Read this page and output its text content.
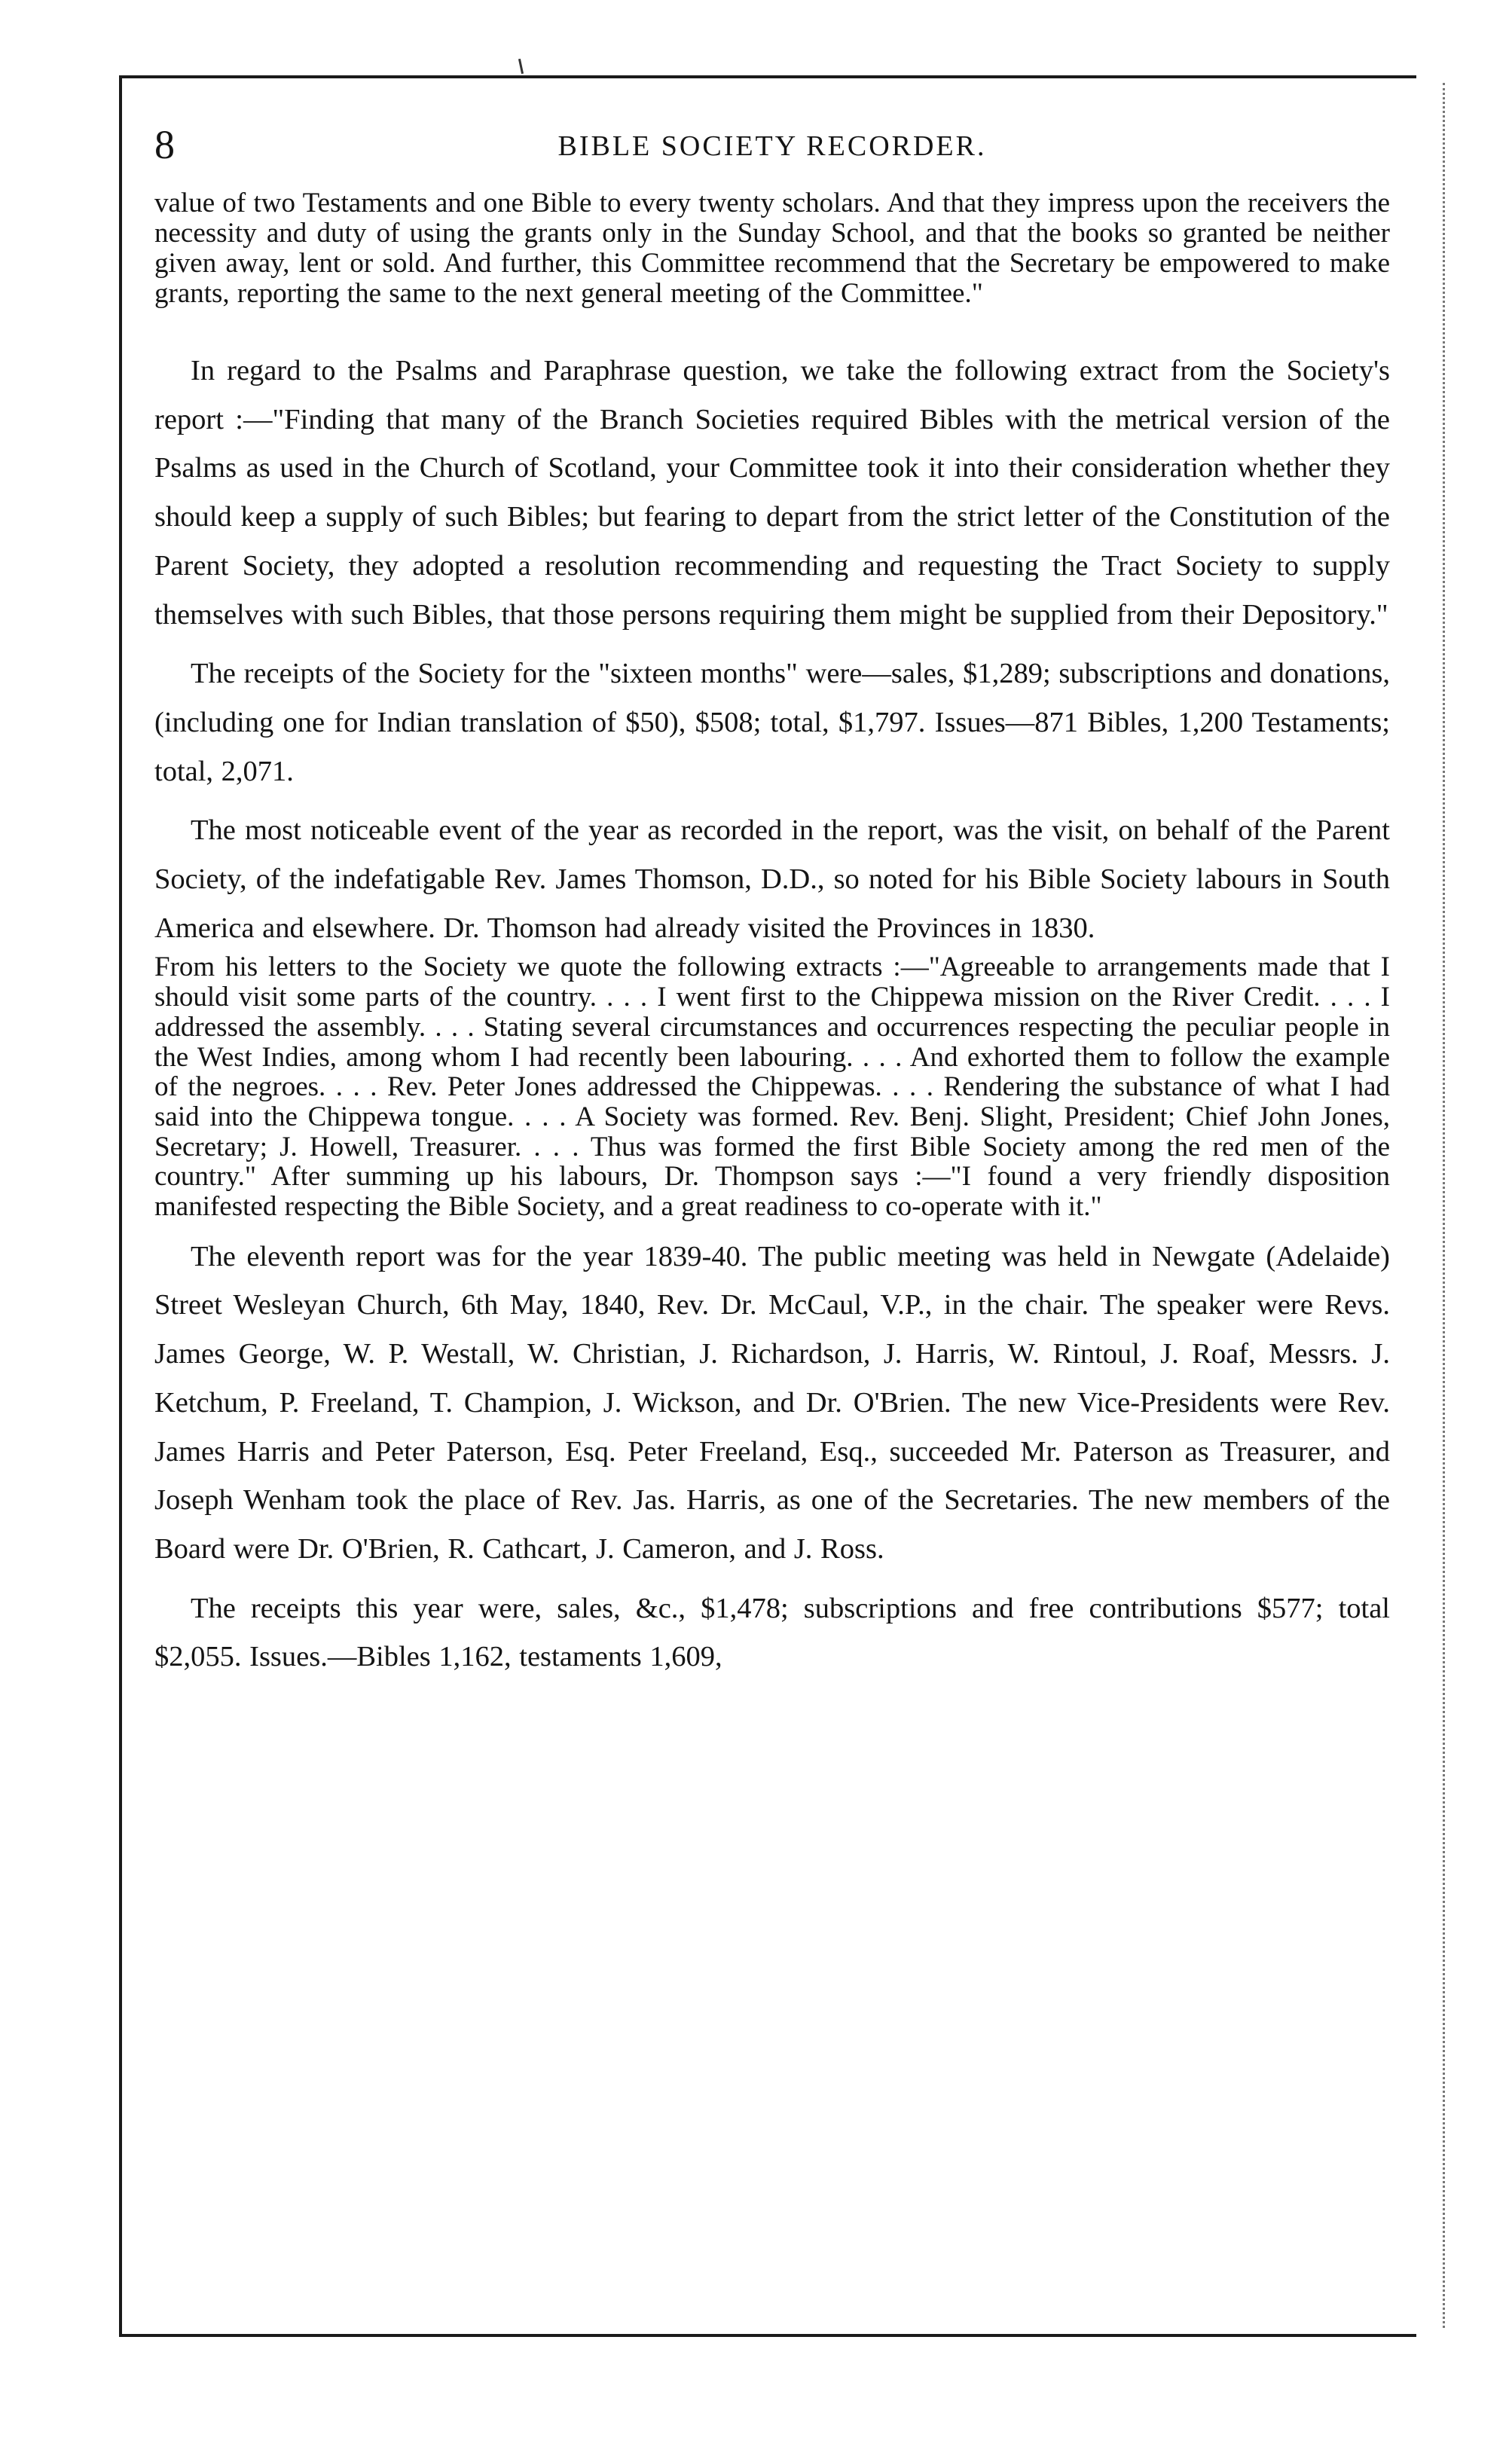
8	BIBLE SOCIETY RECORDER.

value of two Testaments and one Bible to every twenty scholars. And that they impress upon the receivers the necessity and duty of using the grants only in the Sunday School, and that the books so granted be neither given away, lent or sold. And further, this Committee recommend that the Secretary be empowered to make grants, reporting the same to the next general meeting of the Committee."

In regard to the Psalms and Paraphrase question, we take the following extract from the Society's report :—"Finding that many of the Branch Societies required Bibles with the metrical version of the Psalms as used in the Church of Scotland, your Committee took it into their consideration whether they should keep a supply of such Bibles; but fearing to depart from the strict letter of the Constitution of the Parent Society, they adopted a resolution recommending and requesting the Tract Society to supply themselves with such Bibles, that those persons requiring them might be supplied from their Depository."

The receipts of the Society for the "sixteen months" were—sales, $1,289; subscriptions and donations, (including one for Indian translation of $50), $508; total, $1,797. Issues—871 Bibles, 1,200 Testaments; total, 2,071.

The most noticeable event of the year as recorded in the report, was the visit, on behalf of the Parent Society, of the indefatigable Rev. James Thomson, D.D., so noted for his Bible Society labours in South America and elsewhere. Dr. Thomson had already visited the Provinces in 1830.

From his letters to the Society we quote the following extracts :—"Agreeable to arrangements made that I should visit some parts of the country. . . . I went first to the Chippewa mission on the River Credit. . . . I addressed the assembly. . . . Stating several circumstances and occurrences respecting the peculiar people in the West Indies, among whom I had recently been labouring. . . . And exhorted them to follow the example of the negroes. . . . Rev. Peter Jones addressed the Chippewas. . . . Rendering the substance of what I had said into the Chippewa tongue. . . . A Society was formed. Rev. Benj. Slight, President; Chief John Jones, Secretary; J. Howell, Treasurer. . . . Thus was formed the first Bible Society among the red men of the country." After summing up his labours, Dr. Thompson says :—"I found a very friendly disposition manifested respecting the Bible Society, and a great readiness to co-operate with it."

The eleventh report was for the year 1839-40. The public meeting was held in Newgate (Adelaide) Street Wesleyan Church, 6th May, 1840, Rev. Dr. McCaul, V.P., in the chair. The speaker were Revs. James George, W. P. Westall, W. Christian, J. Richardson, J. Harris, W. Rintoul, J. Roaf, Messrs. J. Ketchum, P. Freeland, T. Champion, J. Wickson, and Dr. O'Brien. The new Vice-Presidents were Rev. James Harris and Peter Paterson, Esq. Peter Freeland, Esq., succeeded Mr. Paterson as Treasurer, and Joseph Wenham took the place of Rev. Jas. Harris, as one of the Secretaries. The new members of the Board were Dr. O'Brien, R. Cathcart, J. Cameron, and J. Ross.

The receipts this year were, sales, &c., $1,478; subscriptions and free contributions $577; total $2,055. Issues.—Bibles 1,162, testaments 1,609,
